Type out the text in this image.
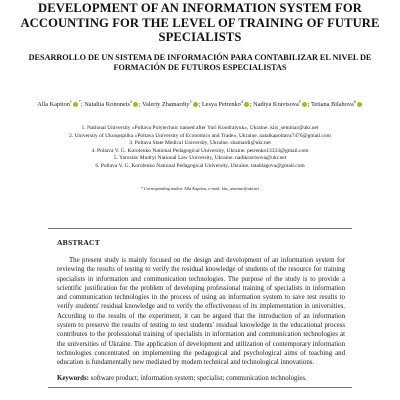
DEVELOPMENT OF AN INFORMATION SYSTEM FOR ACCOUNTING FOR THE LEVEL OF TRAINING OF FUTURE SPECIALISTS
DESARROLLO DE UN SISTEMA DE INFORMACIÓN PARA CONTABILIZAR EL NIVEL DE FORMACIÓN DE FUTUROS ESPECIALISTAS
Alla Kapiton$^1$ *; Nataliia Kononets$^2$ ; Valeriy Zhamardiy$^3$ ; Lesya Petrenko$^4$ ; Nadiya Kravtsova$^5$ ; Tetiana Bilahova$^6$
1. National University «Poltava Polytechnic named after Yuri Kondratyuk», Ukraine. kits_seminar@ukr.net
2. University of Ukoopspilka «Poltava University of Economics and Trade», Ukraine. natalkapoltava7476@gmail.com
3. Poltava State Medical University, Ukraine. shamardi@ukr.net
4. Poltava V. G. Korolenko National Pedagogical University, Ukraine. petrenko13333@gmail.com
5. Yaroslav Mudryi National Law University, Ukraine. nadikravtsova@ukr.net
6. Poltava V. G. Korolenko National Pedagogical University, Ukraine. tatablagova@gmail.com
* Corresponding author. Alla Kapiton, e-mail: kits_seminar@ukr.net
ABSTRACT
The present study is mainly focused on the design and development of an information system for reviewing the results of testing to verify the residual knowledge of students of the resource for training specialists in information and communication technologies. The purpose of the study is to provide a scientific justification for the problem of developing professional training of specialists in information and communication technologies in the process of using an information system to save test results to verify students' residual knowledge and to verify the effectiveness of its implementation in universities. According to the results of the experiment, it can be argued that the introduction of an information system to preserve the results of testing to test students' residual knowledge in the educational process contributes to the professional training of specialists in information and communication technologies at the universities of Ukraine. The application of development and utilization of contemporary information technologies concentrated on implementing the pedagogical and psychological aims of teaching and education is fundamentally new mediated by modern technical and technological innovations.
Keywords: software product; information system; specialist; communication technologies.
